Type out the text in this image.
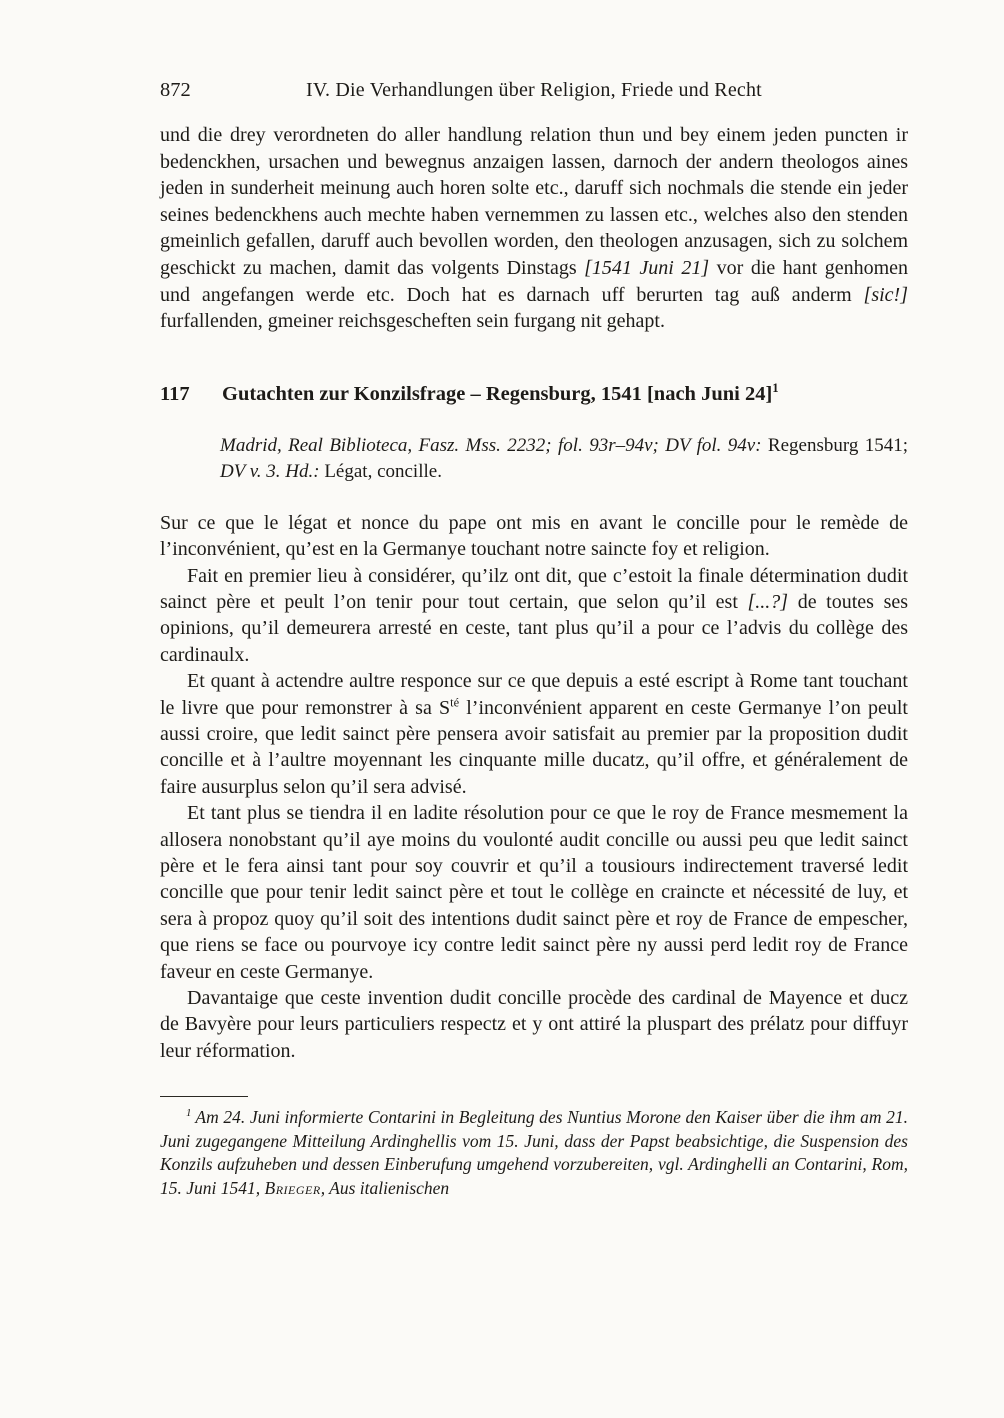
872	IV. Die Verhandlungen über Religion, Friede und Recht

und die drey verordneten do aller handlung relation thun und bey einem jeden puncten ir bedenckhen, ursachen und bewegnus anzaigen lassen, darnoch der andern theologos aines jeden in sunderheit meinung auch horen solte etc., daruff sich nochmals die stende ein jeder seines bedenckhens auch mechte haben vernemmen zu lassen etc., welches also den stenden gmeinlich gefallen, daruff auch bevollen worden, den theologen anzusagen, sich zu solchem geschickt zu machen, damit das volgents Dinstags [1541 Juni 21] vor die hant genhomen und angefangen werde etc. Doch hat es darnach uff berurten tag auß anderm [sic!] furfallenden, gmeiner reichsgescheften sein furgang nit gehapt.

117	Gutachten zur Konzilsfrage – Regensburg, 1541 [nach Juni 24]$^1$

Madrid, Real Biblioteca, Fasz. Mss. 2232; fol. 93r–94v; DV fol. 94v: Regensburg 1541; DV v. 3. Hd.: Légat, concille.

Sur ce que le légat et nonce du pape ont mis en avant le concille pour le remède de l’inconvénient, qu’est en la Germanye touchant notre saincte foy et religion.

Fait en premier lieu à considérer, qu’ilz ont dit, que c’estoit la finale détermination dudit sainct père et peult l’on tenir pour tout certain, que selon qu’il est [...?] de toutes ses opinions, qu’il demeurera arresté en ceste, tant plus qu’il a pour ce l’advis du collège des cardinaulx.

Et quant à actendre aultre responce sur ce que depuis a esté escript à Rome tant touchant le livre que pour remonstrer à sa $S^{té}$ l’inconvénient apparent en ceste Germanye l’on peult aussi croire, que ledit sainct père pensera avoir satisfait au premier par la proposition dudit concille et à l’aultre moyennant les cinquante mille ducatz, qu’il offre, et généralement de faire ausurplus selon qu’il sera advisé.

Et tant plus se tiendra il en ladite résolution pour ce que le roy de France mesmement la allosera nonobstant qu’il aye moins du voulonté audit concille ou aussi peu que ledit sainct père et le fera ainsi tant pour soy couvrir et qu’il a tousiours indirectement traversé ledit concille que pour tenir ledit sainct père et tout le collège en craincte et nécessité de luy, et sera à propoz quoy qu’il soit des intentions dudit sainct père et roy de France de empescher, que riens se face ou pourvoye icy contre ledit sainct père ny aussi perd ledit roy de France faveur en ceste Germanye.

Davantaige que ceste invention dudit concille procède des cardinal de Mayence et ducz de Bavyère pour leurs particuliers respectz et y ont attiré la pluspart des prélatz pour diffuyr leur réformation.

$^1$ Am 24. Juni informierte Contarini in Begleitung des Nuntius Morone den Kaiser über die ihm am 21. Juni zugegangene Mitteilung Ardinghellis vom 15. Juni, dass der Papst beabsichtige, die Suspension des Konzils aufzuheben und dessen Einberufung umgehend vorzubereiten, vgl. Ardinghelli an Contarini, Rom, 15. Juni 1541, Brieger, Aus italienischen
